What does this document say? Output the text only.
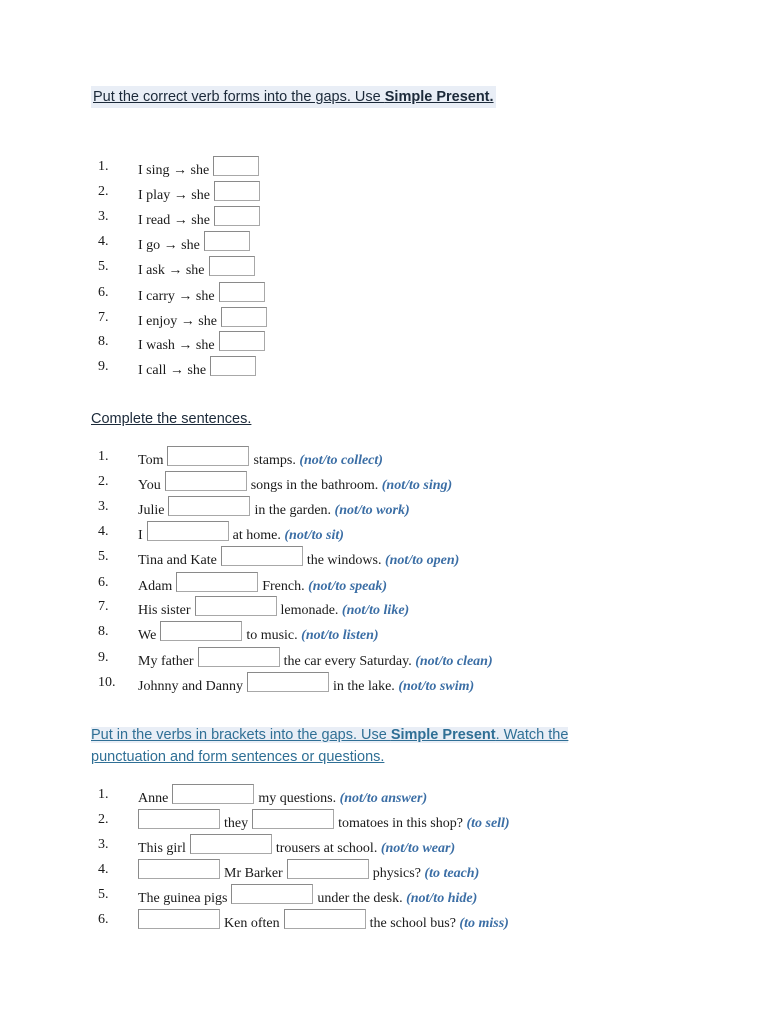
Put the correct verb forms into the gaps. Use Simple Present.
1.	I sing → she
2.	I play → she
3.	I read → she
4.	I go → she
5.	I ask → she
6.	I carry → she
7.	I enjoy → she
8.	I wash → she
9.	I call → she
Complete the sentences.
1.	Tom	stamps. (not/to collect)
2.	You	songs in the bathroom. (not/to sing)
3.	Julie	in the garden. (not/to work)
4.	I	at home. (not/to sit)
5.	Tina and Kate	the windows. (not/to open)
6.	Adam	French. (not/to speak)
7.	His sister	lemonade. (not/to like)
8.	We	to music. (not/to listen)
9.	My father	the car every Saturday. (not/to clean)
10.	Johnny and Danny	in the lake. (not/to swim)
Put in the verbs in brackets into the gaps. Use Simple Present. Watch the
punctuation and form sentences or questions.
1.	Anne	my questions. (not/to answer)
2.	they	tomatoes in this shop? (to sell)
3.	This girl	trousers at school. (not/to wear)
4.	Mr Barker	physics? (to teach)
5.	The guinea pigs	under the desk. (not/to hide)
6.	Ken often	the school bus? (to miss)
